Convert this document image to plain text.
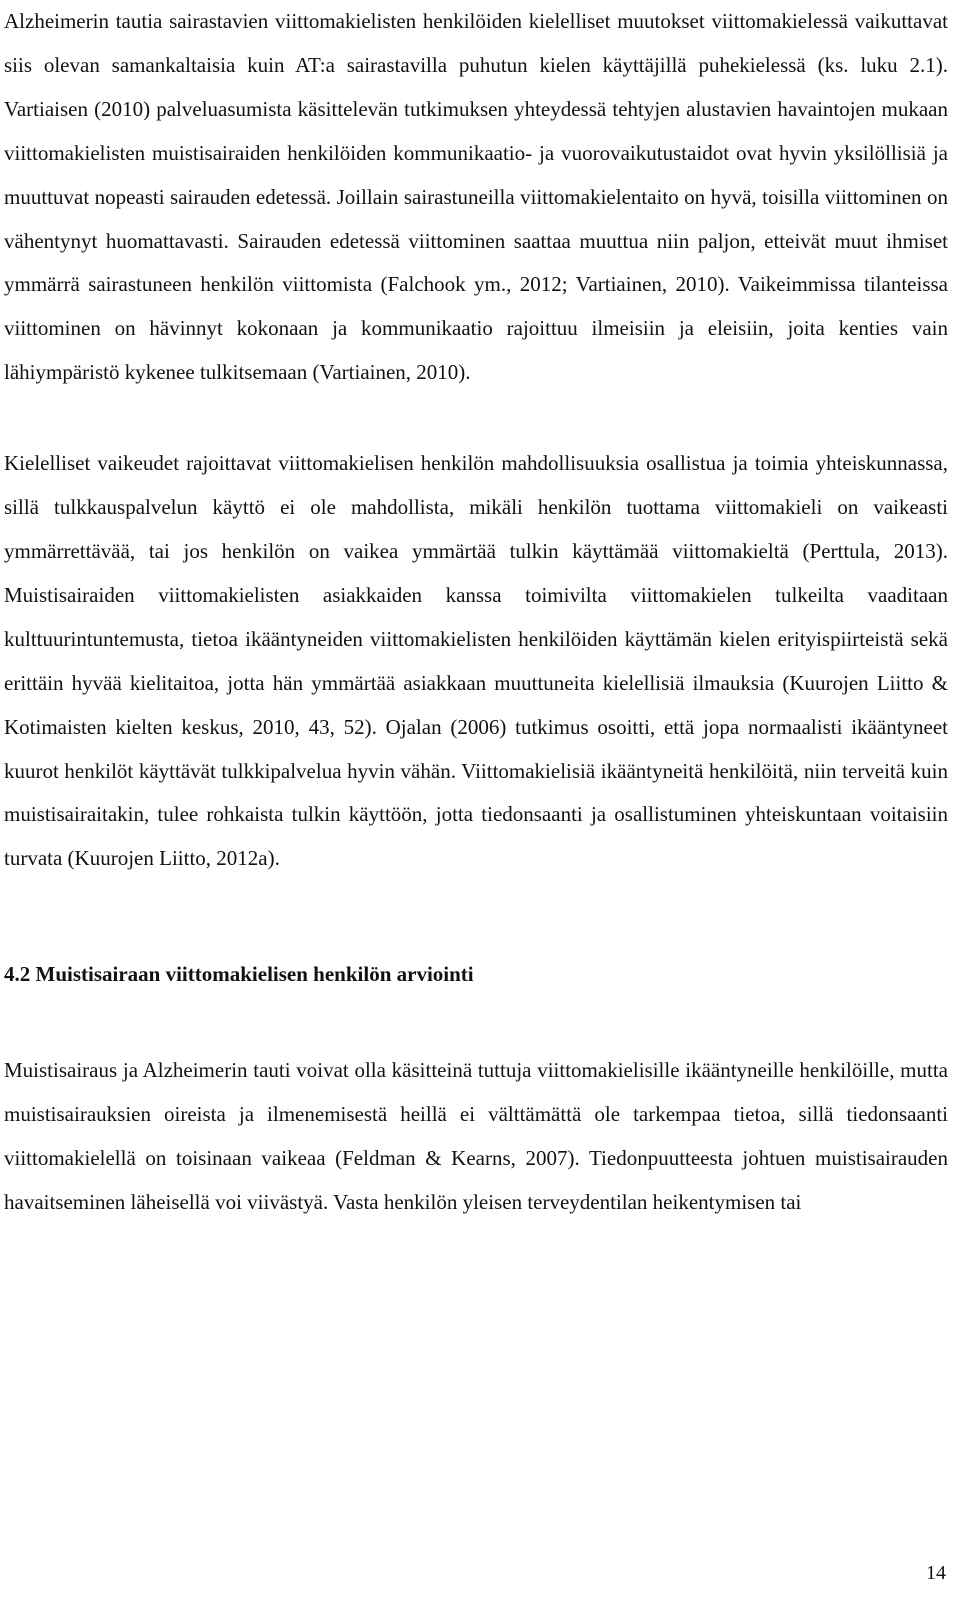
Alzheimerin tautia sairastavien viittomakielisten henkilöiden kielelliset muutokset viittomakielessä vaikuttavat siis olevan samankaltaisia kuin AT:a sairastavilla puhutun kielen käyttäjillä puhekielessä (ks. luku 2.1). Vartiaisen (2010) palveluasumista käsittelevän tutkimuksen yhteydessä tehtyjen alustavien havaintojen mukaan viittomakielisten muistisairaiden henkilöiden kommunikaatio- ja vuorovaikutustaidot ovat hyvin yksilöllisiä ja muuttuvat nopeasti sairauden edetessä. Joillain sairastuneilla viittomakielentaito on hyvä, toisilla viittominen on vähentynyt huomattavasti. Sairauden edetessä viittominen saattaa muuttua niin paljon, etteivät muut ihmiset ymmärrä sairastuneen henkilön viittomista (Falchook ym., 2012; Vartiainen, 2010). Vaikeimmissa tilanteissa viittominen on hävinnyt kokonaan ja kommunikaatio rajoittuu ilmeisiin ja eleisiin, joita kenties vain lähiympäristö kykenee tulkitsemaan (Vartiainen, 2010).

Kielelliset vaikeudet rajoittavat viittomakielisen henkilön mahdollisuuksia osallistua ja toimia yhteiskunnassa, sillä tulkkauspalvelun käyttö ei ole mahdollista, mikäli henkilön tuottama viittomakieli on vaikeasti ymmärrettävää, tai jos henkilön on vaikea ymmärtää tulkin käyttämää viittomakieltä (Perttula, 2013). Muistisairaiden viittomakielisten asiakkaiden kanssa toimivilta viittomakielen tulkeilta vaaditaan kulttuurintuntemusta, tietoa ikääntyneiden viittomakielisten henkilöiden käyttämän kielen erityispiirteistä sekä erittäin hyvää kielitaitoa, jotta hän ymmärtää asiakkaan muuttuneita kielellisiä ilmauksia (Kuurojen Liitto & Kotimaisten kielten keskus, 2010, 43, 52). Ojalan (2006) tutkimus osoitti, että jopa normaalisti ikääntyneet kuurot henkilöt käyttävät tulkkipalvelua hyvin vähän. Viittomakielisiä ikääntyneitä henkilöitä, niin terveitä kuin muistisairaitakin, tulee rohkaista tulkin käyttöön, jotta tiedonsaanti ja osallistuminen yhteiskuntaan voitaisiin turvata (Kuurojen Liitto, 2012a).

4.2 Muistisairaan viittomakielisen henkilön arviointi

Muistisairaus ja Alzheimerin tauti voivat olla käsitteinä tuttuja viittomakielisille ikääntyneille henkilöille, mutta muistisairauksien oireista ja ilmenemisestä heillä ei välttämättä ole tarkempaa tietoa, sillä tiedonsaanti viittomakielellä on toisinaan vaikeaa (Feldman & Kearns, 2007). Tiedonpuutteesta johtuen muistisairauden havaitseminen läheisellä voi viivästyä. Vasta henkilön yleisen terveydentilan heikentymisen tai

14
